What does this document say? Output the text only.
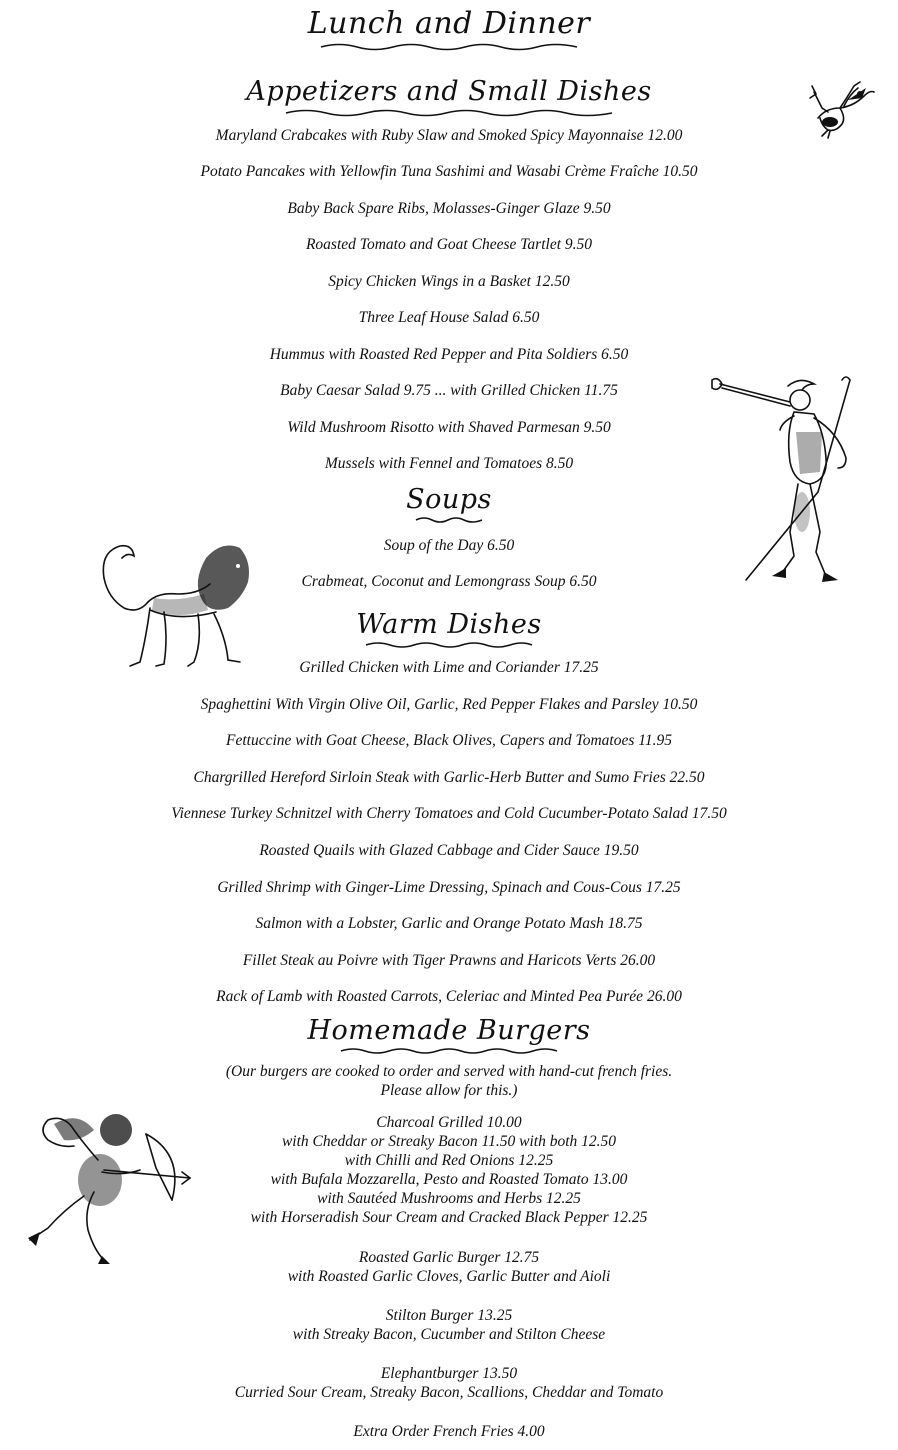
Lunch and Dinner
Appetizers and Small Dishes
Maryland Crabcakes with Ruby Slaw and Smoked Spicy Mayonnaise 12.00
Potato Pancakes with Yellowfin Tuna Sashimi and Wasabi Crème Fraîche 10.50
Baby Back Spare Ribs, Molasses-Ginger Glaze 9.50
Roasted Tomato and Goat Cheese Tartlet 9.50
Spicy Chicken Wings in a Basket 12.50
Three Leaf House Salad 6.50
Hummus with Roasted Red Pepper and Pita Soldiers 6.50
Baby Caesar Salad 9.75 ... with Grilled Chicken 11.75
Wild Mushroom Risotto with Shaved Parmesan 9.50
Mussels with Fennel and Tomatoes 8.50
Soups
Soup of the Day 6.50
Crabmeat, Coconut and Lemongrass Soup 6.50
Warm Dishes
Grilled Chicken with Lime and Coriander 17.25
Spaghettini With Virgin Olive Oil, Garlic, Red Pepper Flakes and Parsley 10.50
Fettuccine with Goat Cheese, Black Olives, Capers and Tomatoes 11.95
Chargrilled Hereford Sirloin Steak with Garlic-Herb Butter and Sumo Fries 22.50
Viennese Turkey Schnitzel with Cherry Tomatoes and Cold Cucumber-Potato Salad 17.50
Roasted Quails with Glazed Cabbage and Cider Sauce 19.50
Grilled Shrimp with Ginger-Lime Dressing, Spinach and Cous-Cous 17.25
Salmon with a Lobster, Garlic and Orange Potato Mash 18.75
Fillet Steak au Poivre with Tiger Prawns and Haricots Verts 26.00
Rack of Lamb with Roasted Carrots, Celeriac and Minted Pea Purée 26.00
Homemade Burgers
(Our burgers are cooked to order and served with hand-cut french fries.
Please allow for this.)
Charcoal Grilled 10.00
with Cheddar or Streaky Bacon 11.50 with both 12.50
with Chilli and Red Onions 12.25
with Bufala Mozzarella, Pesto and Roasted Tomato 13.00
with Sautéed Mushrooms and Herbs 12.25
with Horseradish Sour Cream and Cracked Black Pepper 12.25
Roasted Garlic Burger 12.75
with Roasted Garlic Cloves, Garlic Butter and Aioli
Stilton Burger 13.25
with Streaky Bacon, Cucumber and Stilton Cheese
Elephantburger 13.50
Curried Sour Cream, Streaky Bacon, Scallions, Cheddar and Tomato
Extra Order French Fries 4.00
